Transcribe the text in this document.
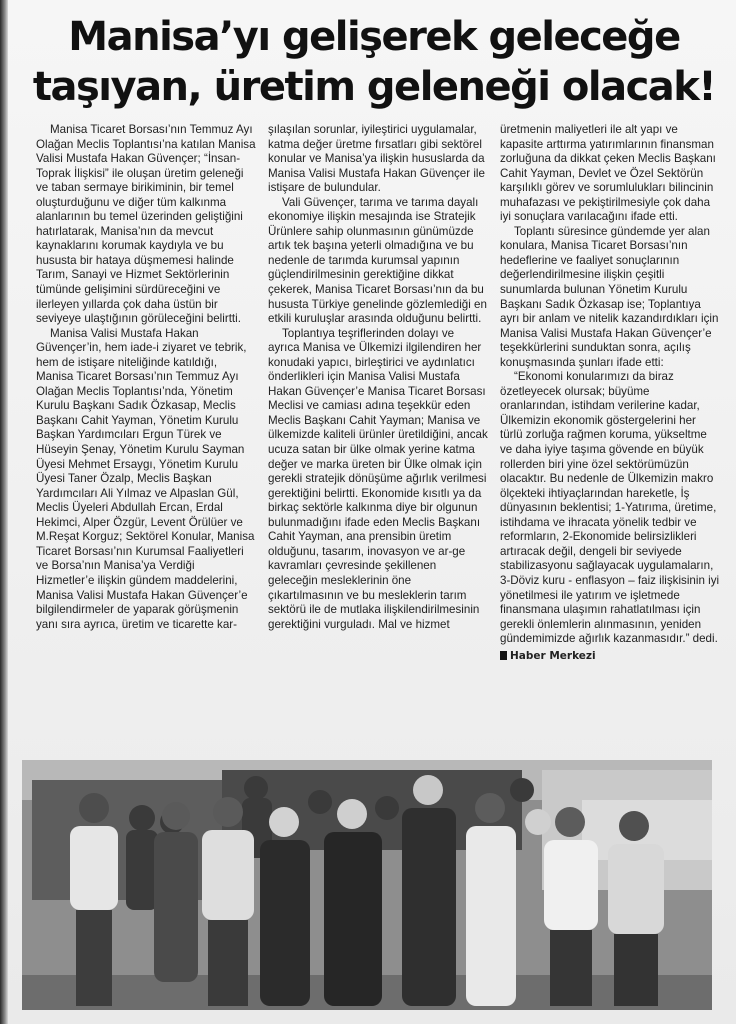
Manisa’yı gelişerek geleceğe taşıyan, üretim geleneği olacak!

Manisa Ticaret Borsası’nın Temmuz Ayı Olağan Meclis Toplantısı’na katılan Manisa Valisi Mustafa Hakan Güvençer; “İnsan-Toprak İlişkisi” ile oluşan üretim geleneği ve taban sermaye birikiminin, bir temel oluşturduğunu ve diğer tüm kalkınma alanlarının bu temel üzerinden geliştiğini hatırlatarak, Manisa’nın da mevcut kaynaklarını korumak kaydıyla ve bu hususta bir hataya düşmemesi halinde Tarım, Sanayi ve Hizmet Sektörlerinin tümünde gelişimini sürdüreceğini ve ilerleyen yıllarda çok daha üstün bir seviyeye ulaştığının görüleceğini belirtti.

Manisa Valisi Mustafa Hakan Güvençer’in, hem iade-i ziyaret ve tebrik, hem de istişare niteliğinde katıldığı, Manisa Ticaret Borsası’nın Temmuz Ayı Olağan Meclis Toplantısı’nda, Yönetim Kurulu Başkanı Sadık Özkasap, Meclis Başkanı Cahit Yayman, Yönetim Kurulu Başkan Yardımcıları Ergun Türek ve Hüseyin Şenay, Yönetim Kurulu Sayman Üyesi Mehmet Ersaygı, Yönetim Kurulu Üyesi Taner Özalp, Meclis Başkan Yardımcıları Ali Yılmaz ve Alpaslan Gül, Meclis Üyeleri Abdullah Ercan, Erdal Hekimci, Alper Özgür, Levent Örülüer ve M.Reşat Korguz; Sektörel Konular, Manisa Ticaret Borsası’nın Kurumsal Faaliyetleri ve Borsa’nın Manisa’ya Verdiği Hizmetler’e ilişkin gündem maddelerini, Manisa Valisi Mustafa Hakan Güvençer’e bilgilendirmeler de yaparak görüşmenin yanı sıra ayrıca, üretim ve ticarette kar-

şılaşılan sorunlar, iyileştirici uygulamalar, katma değer üretme fırsatları gibi sektörel konular ve Manisa’ya ilişkin hususlarda da Manisa Valisi Mustafa Hakan Güvençer ile istişare de bulundular.

Vali Güvençer, tarıma ve tarıma dayalı ekonomiye ilişkin mesajında ise Stratejik Ürünlere sahip olunmasının günümüzde artık tek başına yeterli olmadığına ve bu nedenle de tarımda kurumsal yapının güçlendirilmesinin gerektiğine dikkat çekerek, Manisa Ticaret Borsası’nın da bu hususta Türkiye genelinde gözlemlediği en etkili kuruluşlar arasında olduğunu belirtti.

Toplantıya teşriflerinden dolayı ve ayrıca Manisa ve Ülkemizi ilgilendiren her konudaki yapıcı, birleştirici ve aydınlatıcı önderlikleri için Manisa Valisi Mustafa Hakan Güvençer’e Manisa Ticaret Borsası Meclisi ve camiası adına teşekkür eden Meclis Başkanı Cahit Yayman; Manisa ve ülkemizde kaliteli ürünler üretildiğini, ancak ucuza satan bir ülke olmak yerine katma değer ve marka üreten bir Ülke olmak için gerekli stratejik dönüşüme ağırlık verilmesi gerektiğini belirtti. Ekonomide kısıtlı ya da birkaç sektörle kalkınma diye bir olgunun bulunmadığını ifade eden Meclis Başkanı Cahit Yayman, ana prensibin üretim olduğunu, tasarım, inovasyon ve ar-ge kavramları çevresinde şekillenen geleceğin mesleklerinin öne çıkartılmasının ve bu mesleklerin tarım sektörü ile de mutlaka ilişkilendirilmesinin gerektiğini vurguladı. Mal ve hizmet

üretmenin maliyetleri ile alt yapı ve kapasite arttırma yatırımlarının finansman zorluğuna da dikkat çeken Meclis Başkanı Cahit Yayman, Devlet ve Özel Sektörün karşılıklı görev ve sorumlulukları bilincinin muhafazası ve pekiştirilmesiyle çok daha iyi sonuçlara varılacağını ifade etti.

Toplantı süresince gündemde yer alan konulara, Manisa Ticaret Borsası’nın hedeflerine ve faaliyet sonuçlarının değerlendirilmesine ilişkin çeşitli sunumlarda bulunan Yönetim Kurulu Başkanı Sadık Özkasap ise; Toplantıya ayrı bir anlam ve nitelik kazandırdıkları için Manisa Valisi Mustafa Hakan Güvençer’e teşekkürlerini sunduktan sonra, açılış konuşmasında şunları ifade etti:

“Ekonomi konularımızı da biraz özetleyecek olursak; büyüme oranlarından, istihdam verilerine kadar, Ülkemizin ekonomik göstergelerini her türlü zorluğa rağmen koruma, yükseltme ve daha iyiye taşıma gövende en büyük rollerden biri yine özel sektörümüzün olacaktır. Bu nedenle de Ülkemizin makro ölçekteki ihtiyaçlarından hareketle, İş dünyasının beklentisi; 1-Yatırıma, üretime, istihdama ve ihracata yönelik tedbir ve reformların, 2-Ekonomide belirsizlikleri artıracak değil, dengeli bir seviyede stabilizasyonu sağlayacak uygulamaların, 3-Döviz kuru - enflasyon – faiz ilişkisinin iyi yönetilmesi ile yatırım ve işletmede finansmana ulaşımın rahatlatılması için gerekli önlemlerin alınmasının, yeniden gündemimizde ağırlık kazanmasıdır.” dedi.

Haber Merkezi
